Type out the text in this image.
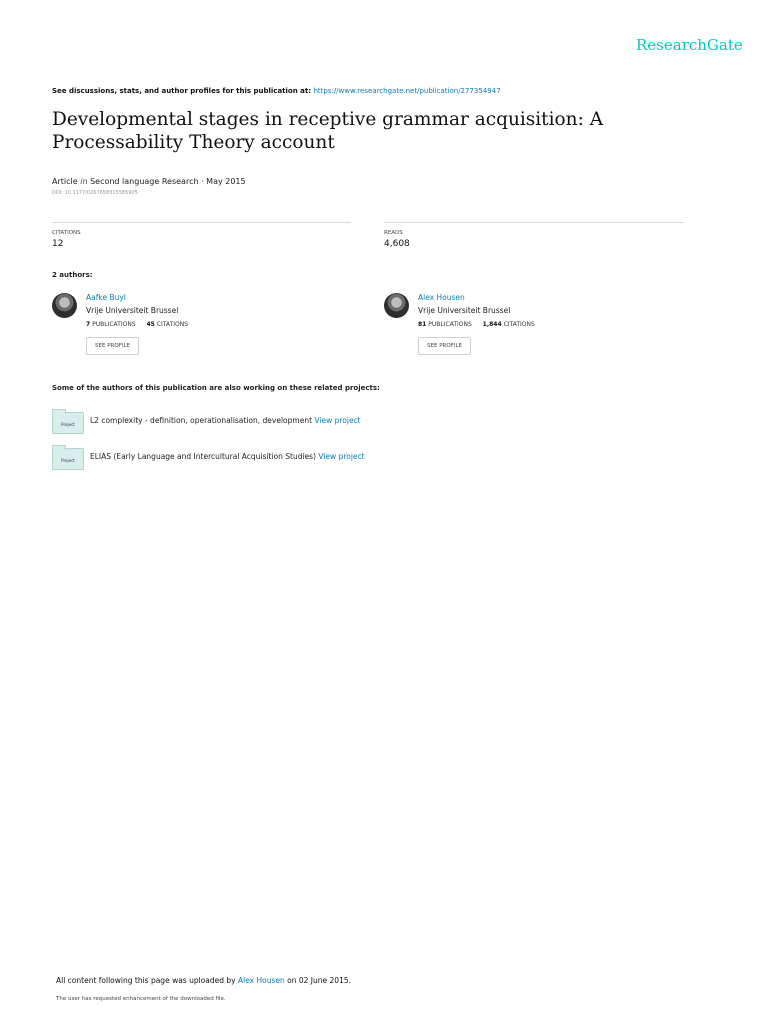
ResearchGate
See discussions, stats, and author profiles for this publication at: https://www.researchgate.net/publication/277354947
Developmental stages in receptive grammar acquisition: A Processability Theory account
Article in Second language Research · May 2015
DOI: 10.1177/0267658315585905
CITATIONS
12
READS
4,608
2 authors:
Aafke Buyl
Vrije Universiteit Brussel
7 PUBLICATIONS 45 CITATIONS
SEE PROFILE
Alex Housen
Vrije Universiteit Brussel
81 PUBLICATIONS 1,844 CITATIONS
SEE PROFILE
Some of the authors of this publication are also working on these related projects:
Project	L2 complexity - definition, operationalisation, development View project
Project	ELIAS (Early Language and Intercultural Acquisition Studies) View project
All content following this page was uploaded by Alex Housen on 02 June 2015.
The user has requested enhancement of the downloaded file.
